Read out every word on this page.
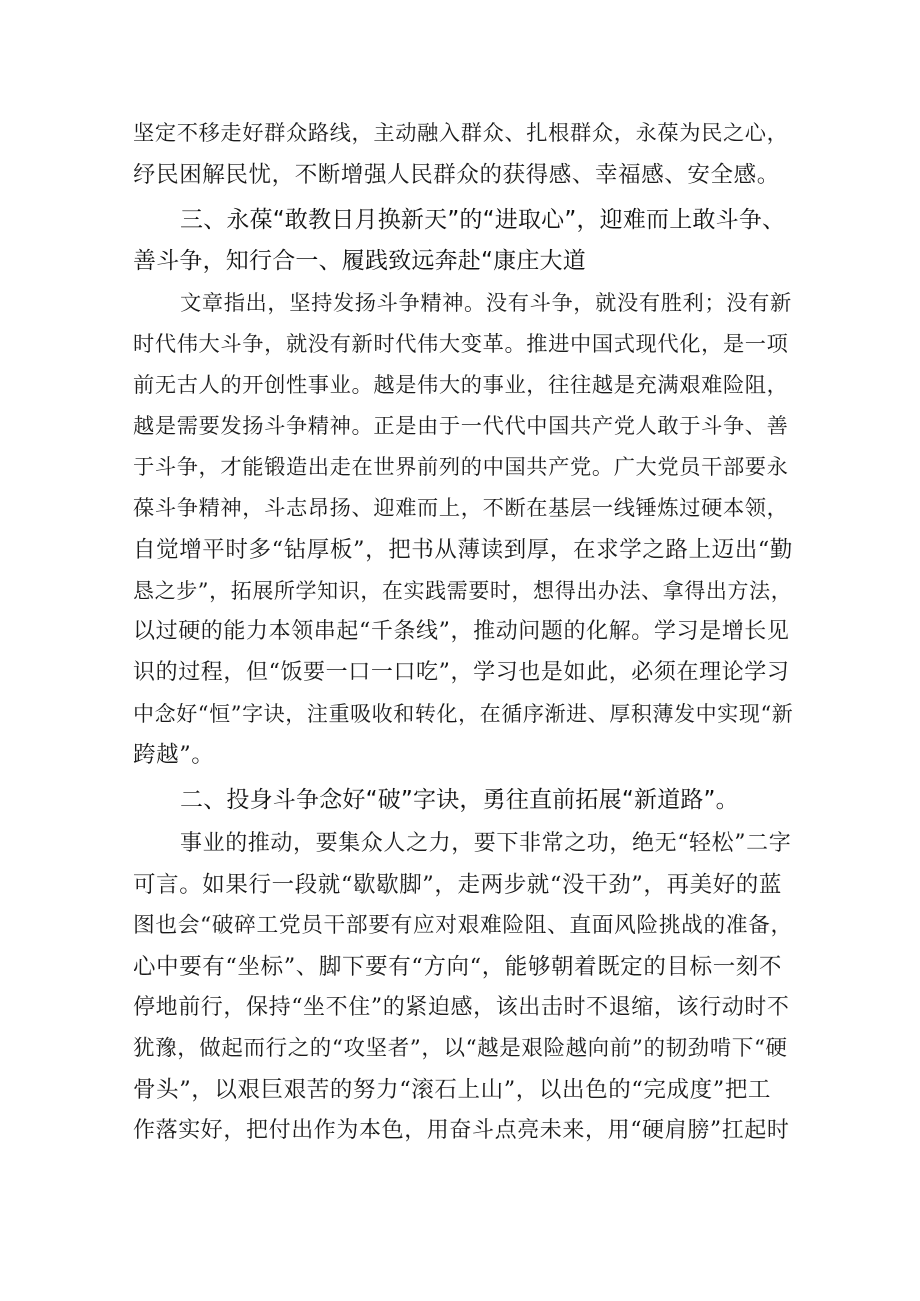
坚定不移走好群众路线，主动融入群众、扎根群众，永葆为民之心，
纾民困解民忧，不断增强人民群众的获得感、幸福感、安全感。
三、永葆“敢教日月换新天”的“进取心”，迎难而上敢斗争、
善斗争，知行合一、履践致远奔赴“康庄大道
文章指出，坚持发扬斗争精神。没有斗争，就没有胜利；没有新
时代伟大斗争，就没有新时代伟大变革。推进中国式现代化，是一项
前无古人的开创性事业。越是伟大的事业，往往越是充满艰难险阻，
越是需要发扬斗争精神。正是由于一代代中国共产党人敢于斗争、善
于斗争，才能锻造出走在世界前列的中国共产党。广大党员干部要永
葆斗争精神，斗志昂扬、迎难而上，不断在基层一线锤炼过硬本领，
自觉增平时多“钻厚板”，把书从薄读到厚，在求学之路上迈出“勤
恳之步”，拓展所学知识，在实践需要时，想得出办法、拿得出方法，
以过硬的能力本领串起“千条线”，推动问题的化解。学习是增长见
识的过程，但“饭要一口一口吃”，学习也是如此，必须在理论学习
中念好“恒”字诀，注重吸收和转化，在循序渐进、厚积薄发中实现“新
跨越”。
二、投身斗争念好“破”字诀，勇往直前拓展“新道路”。
事业的推动，要集众人之力，要下非常之功，绝无“轻松”二字
可言。如果行一段就“歇歇脚”，走两步就“没干劲”，再美好的蓝
图也会“破碎工党员干部要有应对艰难险阻、直面风险挑战的准备，
心中要有“坐标”、脚下要有“方向“，能够朝着既定的目标一刻不
停地前行，保持“坐不住”的紧迫感，该出击时不退缩，该行动时不
犹豫，做起而行之的“攻坚者”，以“越是艰险越向前”的韧劲啃下“硬
骨头”，以艰巨艰苦的努力“滚石上山”，以出色的“完成度”把工
作落实好，把付出作为本色，用奋斗点亮未来，用“硬肩膀”扛起时
